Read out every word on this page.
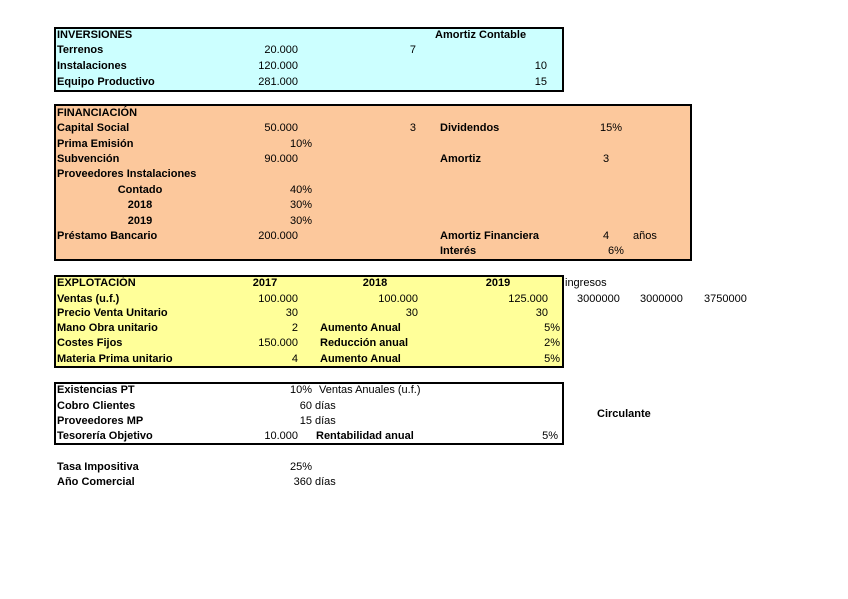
INVERSIONES	Amortiz Contable
Terrenos	20.000	7
Instalaciones	120.000	10
Equipo Productivo	281.000	15
FINANCIACIÓN
Capital Social	50.000	3 Dividendos	15%
Prima Emisión	10%
Subvención	90.000	Amortiz	3
Proveedores Instalaciones
Contado	40%
2018	30%
2019	30%
Préstamo Bancario	200.000	Amortiz Financiera	4 años
Interés	6%
EXPLOTACIÓN	2017	2018	2019	ingresos
3000000 3000000 3750000
Ventas (u.f.)	100.000	100.000	125.000
Precio Venta Unitario	30	30	30
Mano Obra unitario	2 Aumento Anual	5%
Costes Fijos	150.000 Reducción anual	2%
Materia Prima unitario	4 Aumento Anual	5%
Existencias PT	10% Ventas Anuales (u.f.)
Cobro Clientes	60 días
Proveedores MP	15 días
Tesorería Objetivo	10.000 Rentabilidad anual	5%
Circulante
Tasa Impositiva	25%
Año Comercial	360 días
